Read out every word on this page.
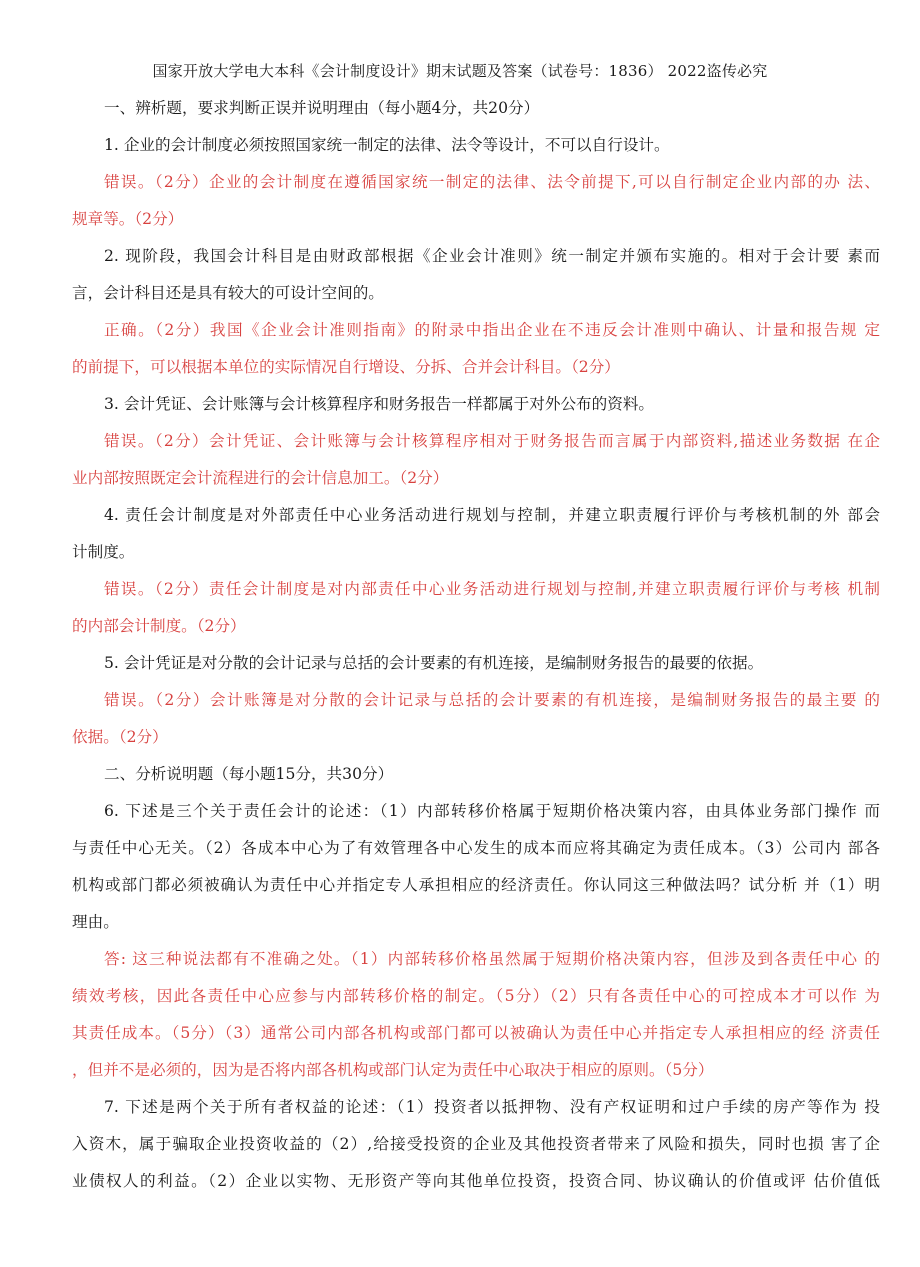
国家开放大学电大本科《会计制度设计》期末试题及答案（试卷号：1836） 2022盗传必究
一、辨析题，要求判断正误并说明理由（每小题4分，共20分）
1. 企业的会计制度必须按照国家统一制定的法律、法令等设计，不可以自行设计。
错误。（2分）企业的会计制度在遵循国家统一制定的法律、法令前提下,可以自行制定企业内部的办 法、
规章等。（2分）
2. 现阶段，我国会计科目是由财政部根据《企业会计准则》统一制定并颁布实施的。相对于会计要 素而
言，会计科目还是具有较大的可设计空间的。
正确。（2分）我国《企业会计准则指南》的附录中指出企业在不违反会计准则中确认、计量和报告规 定
的前提下，可以根据本单位的实际情况自行增设、分拆、合并会计科目。（2分）
3. 会计凭证、会计账簿与会计核算程序和财务报告一样都属于对外公布的资料。
错误。（2分）会计凭证、会计账簿与会计核算程序相对于财务报告而言属于内部资料,描述业务数据 在企
业内部按照既定会计流程进行的会计信息加工。（2分）
4. 责任会计制度是对外部责任中心业务活动进行规划与控制，并建立职责履行评价与考核机制的外 部会
计制度。
错误。（2分）责任会计制度是对内部责任中心业务活动进行规划与控制,并建立职责履行评价与考核 机制
的内部会计制度。（2分）
5. 会计凭证是对分散的会计记录与总括的会计要素的有机连接，是编制财务报告的最要的依据。
错误。（2分）会计账簿是对分散的会计记录与总括的会计要素的有机连接，是编制财务报告的最主要 的
依据。（2分）
二、分析说明题（每小题15分，共30分）
6. 下述是三个关于责任会计的论述：（1）内部转移价格属于短期价格决策内容，由具体业务部门操作 而
与责任中心无关。（2）各成本中心为了有效管理各中心发生的成本而应将其确定为责任成本。（3）公司内 部各
机构或部门都必须被确认为责任中心并指定专人承担相应的经济责任。你认同这三种做法吗？试分析 并（1）明
理由。
答: 这三种说法都有不准确之处。（1）内部转移价格虽然属于短期价格决策内容，但涉及到各责任中心 的
绩效考核，因此各责任中心应参与内部转移价格的制定。（5分）（2）只有各责任中心的可控成本才可以作 为
其责任成本。（5分）（3）通常公司内部各机构或部门都可以被确认为责任中心并指定专人承担相应的经 济责任
，但并不是必须的，因为是否将内部各机构或部门认定为责任中心取决于相应的原则。（5分）
7. 下述是两个关于所有者权益的论述：（1）投资者以抵押物、没有产权证明和过户手续的房产等作为 投
入资木，属于骗取企业投资收益的（2）,给接受投资的企业及其他投资者带来了风险和损失，同时也损 害了企
业债权人的利益。（2）企业以实物、无形资产等向其他单位投资，投资合同、协议确认的价值或评 估价值低
